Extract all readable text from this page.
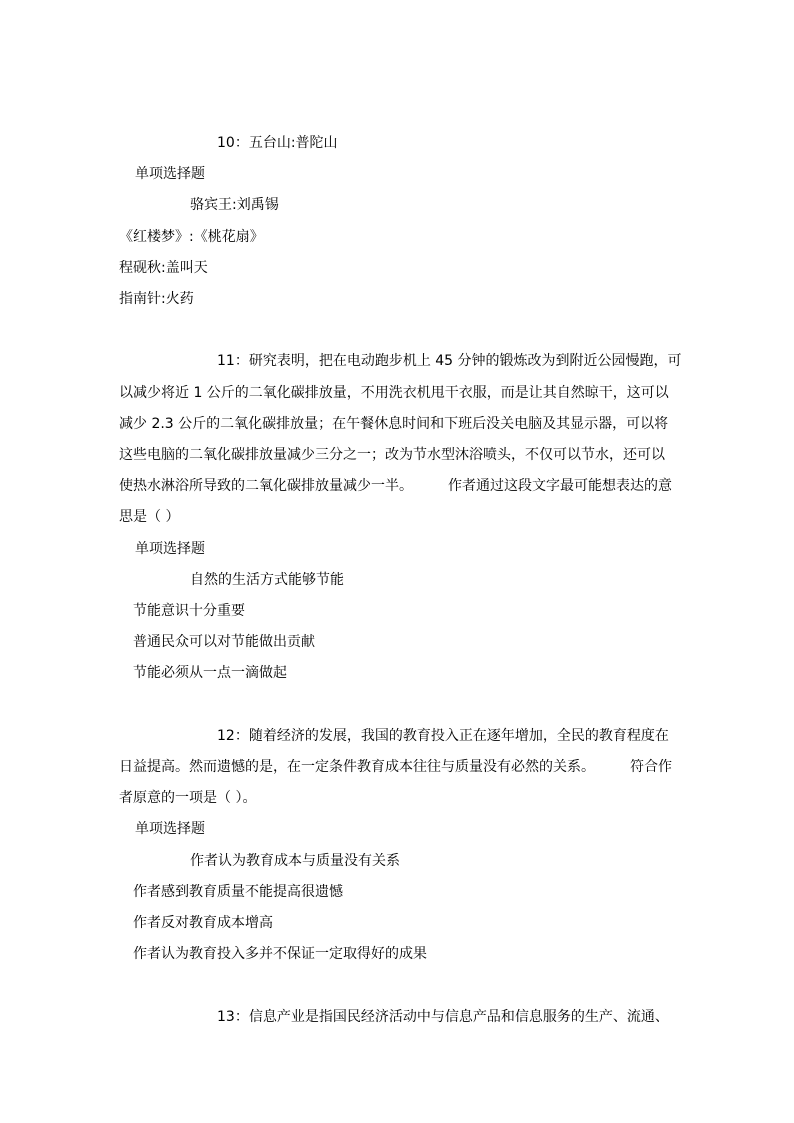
10：五台山:普陀山
单项选择题
骆宾王:刘禹锡
《红楼梦》:《桃花扇》
程砚秋:盖叫天
指南针:火药
11：研究表明，把在电动跑步机上 45 分钟的锻炼改为到附近公园慢跑，可
以减少将近 1 公斤的二氧化碳排放量，不用洗衣机甩干衣服，而是让其自然晾干，这可以
减少 2.3 公斤的二氧化碳排放量；在午餐休息时间和下班后没关电脑及其显示器，可以将
这些电脑的二氧化碳排放量减少三分之一；改为节水型沐浴喷头，不仅可以节水，还可以
使热水淋浴所导致的二氧化碳排放量减少一半。　　　作者通过这段文字最可能想表达的意
思是（ ）
单项选择题
自然的生活方式能够节能
节能意识十分重要
普通民众可以对节能做出贡献
节能必须从一点一滴做起
12：随着经济的发展，我国的教育投入正在逐年增加，全民的教育程度在
日益提高。然而遗憾的是，在一定条件教育成本往往与质量没有必然的关系。　　　符合作
者原意的一项是（ ）。
单项选择题
作者认为教育成本与质量没有关系
作者感到教育质量不能提高很遗憾
作者反对教育成本增高
作者认为教育投入多并不保证一定取得好的成果
13：信息产业是指国民经济活动中与信息产品和信息服务的生产、流通、
